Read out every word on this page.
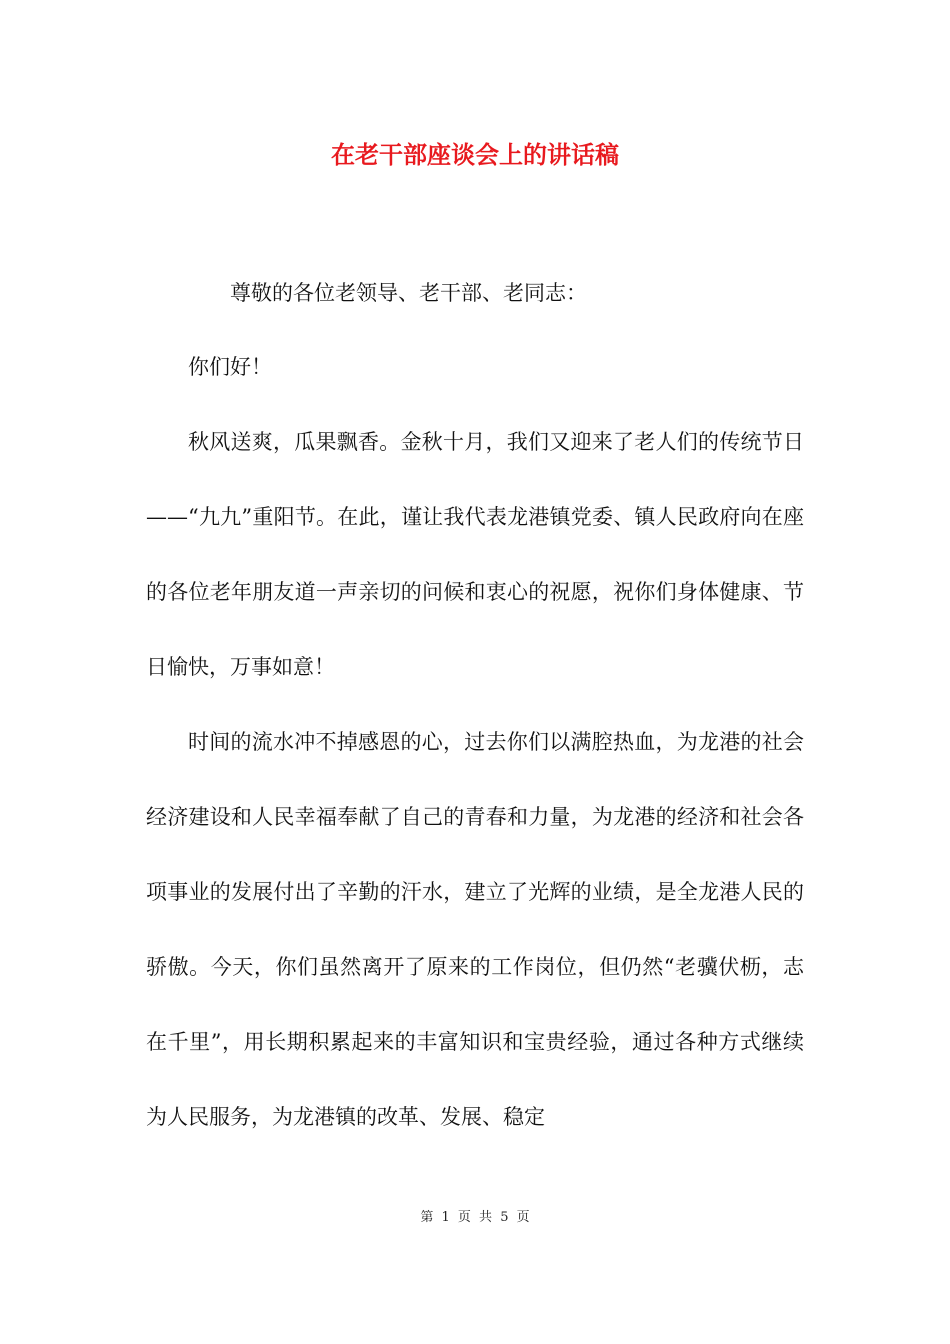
在老干部座谈会上的讲话稿
尊敬的各位老领导、老干部、老同志：

你们好！

秋风送爽，瓜果飘香。金秋十月，我们又迎来了老人们的传统节日——“九九”重阳节。在此，谨让我代表龙港镇党委、镇人民政府向在座的各位老年朋友道一声亲切的问候和衷心的祝愿，祝你们身体健康、节日愉快，万事如意！

时间的流水冲不掉感恩的心，过去你们以满腔热血，为龙港的社会经济建设和人民幸福奉献了自己的青春和力量，为龙港的经济和社会各项事业的发展付出了辛勤的汗水，建立了光辉的业绩，是全龙港人民的骄傲。今天，你们虽然离开了原来的工作岗位，但仍然“老骥伏枥，志在千里”，用长期积累起来的丰富知识和宝贵经验，通过各种方式继续为人民服务，为龙港镇的改革、发展、稳定

第 1 页 共 5 页
